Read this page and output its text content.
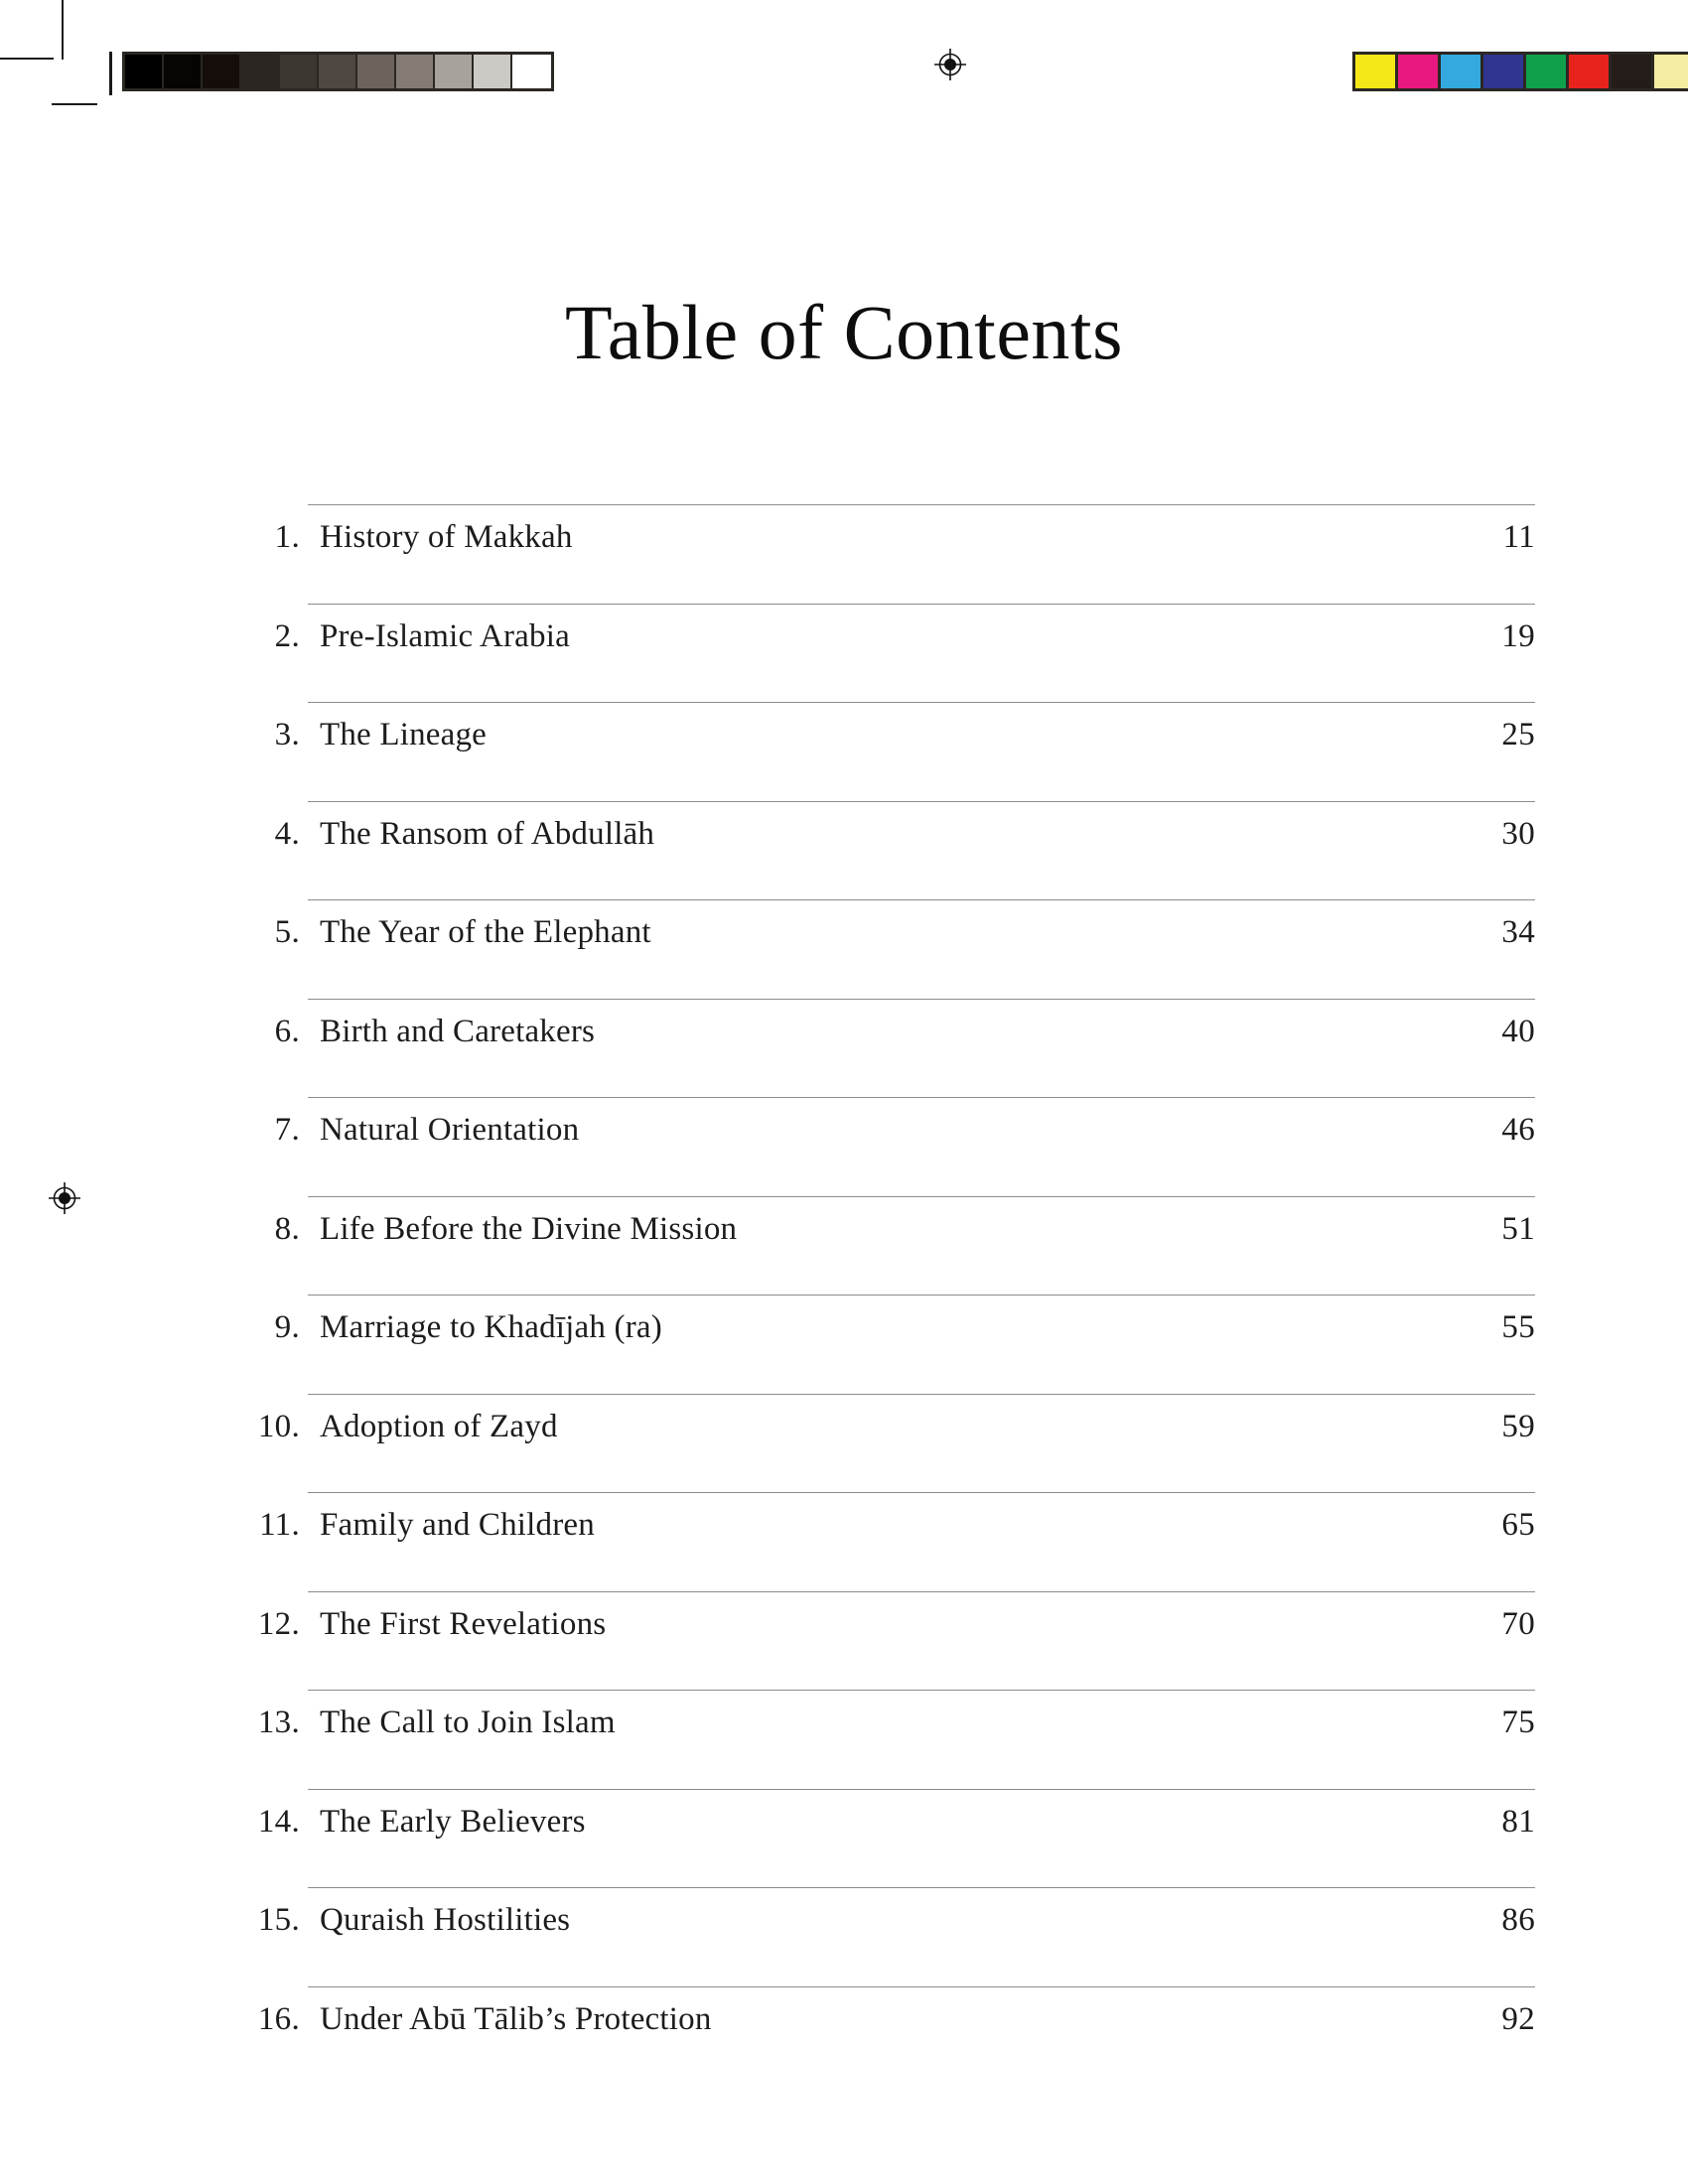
Table of Contents
1. History of Makkah	11
2. Pre-Islamic Arabia	19
3. The Lineage	25
4. The Ransom of Abdullāh	30
5. The Year of the Elephant	34
6. Birth and Caretakers	40
7. Natural Orientation	46
8. Life Before the Divine Mission	51
9. Marriage to Khadījah (ra)	55
10. Adoption of Zayd	59
11. Family and Children	65
12. The First Revelations	70
13. The Call to Join Islam	75
14. The Early Believers	81
15. Quraish Hostilities	86
16. Under Abū Tālib’s Protection	92
